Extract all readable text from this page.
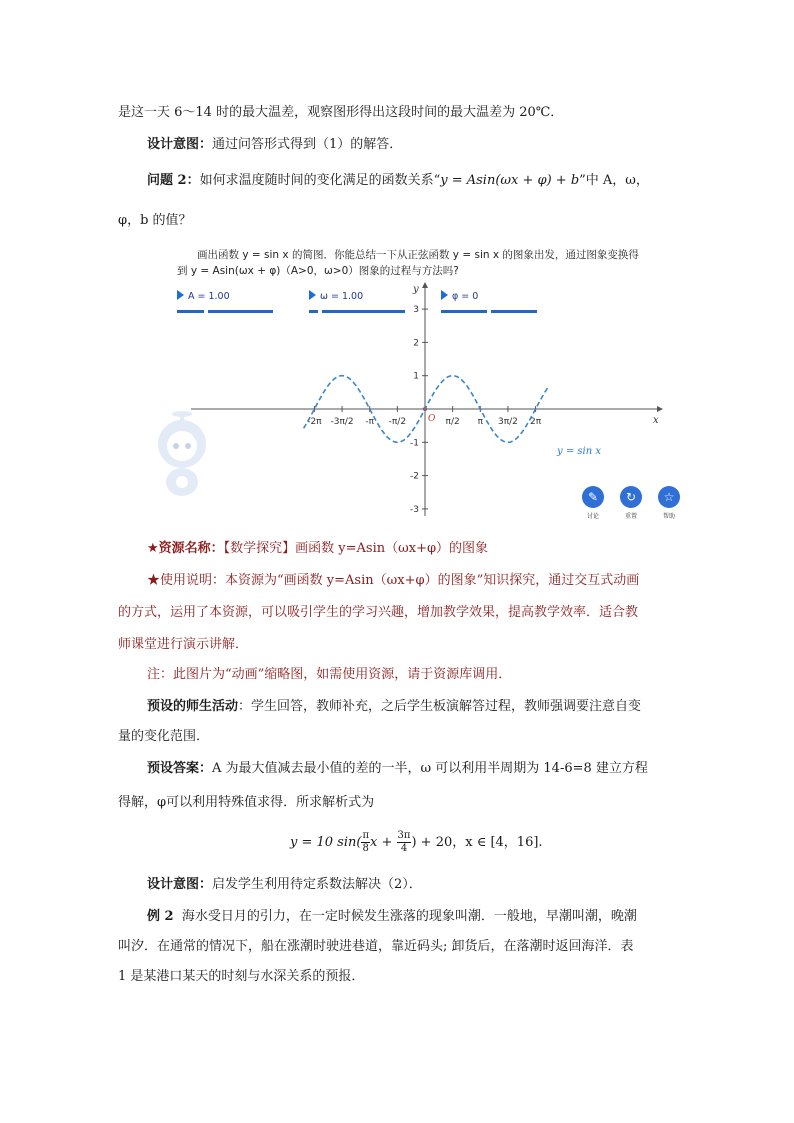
是这一天 6～14 时的最大温差，观察图形得出这段时间的最大温差为 20℃．
设计意图：通过问答形式得到（1）的解答．
问题 2：如何求温度随时间的变化满足的函数关系“y = Asin(ωx + φ) + b”中 A，ω，
φ，b 的值？
画出函数 y = sin x 的简图．你能总结一下从正弦函数 y = sin x 的图象出发，通过图象变换得
到 y = Asin(ωx + φ)（A>0，ω>0）图象的过程与方法吗?
A = 1.00	ω = 1.00	φ = 0
x
y
O
-2π -3π/2 -π -π/2	π/2 π 3π/2 2π
3
2
1
-1
-2
-3
y = sin x
✎
讨论
↻
重置
☆
帮助
★资源名称：【数学探究】画函数 y=Asin（ωx+φ）的图象
★使用说明：本资源为“画函数 y=Asin（ωx+φ）的图象”知识探究，通过交互式动画
的方式，运用了本资源，可以吸引学生的学习兴趣，增加教学效果，提高教学效率．适合教
师课堂进行演示讲解．
注：此图片为“动画”缩略图，如需使用资源，请于资源库调用．
预设的师生活动：学生回答，教师补充，之后学生板演解答过程，教师强调要注意自变
量的变化范围．
预设答案：A 为最大值减去最小值的差的一半，ω 可以利用半周期为 14-6=8 建立方程
得解，φ可以利用特殊值求得．所求解析式为
y = 10 $\sin( \frac{\pi}{8}$ $x + \frac{3\pi}{4}$ ) + 20，x ∈ [4，16].
设计意图：启发学生利用待定系数法解决（2）．
例 2 海水受日月的引力，在一定时候发生涨落的现象叫潮．一般地，早潮叫潮，晚潮
叫汐．在通常的情况下，船在涨潮时驶进巷道，靠近码头; 卸货后，在落潮时返回海洋．表
1 是某港口某天的时刻与水深关系的预报．
